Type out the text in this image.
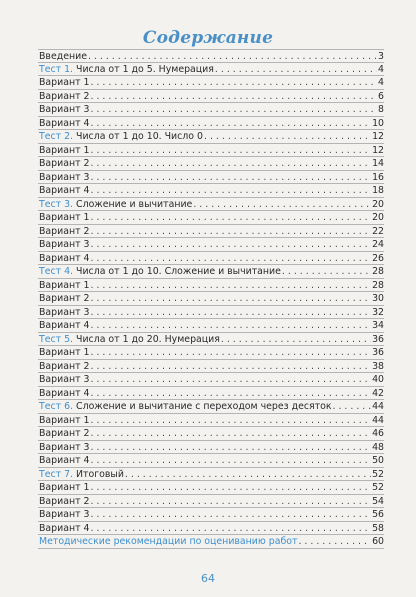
Содержание
Введение . . .	3
Тест 1. Числа от 1 до 5. Нумерация . . .	4
Вариант 1 . . .	4
Вариант 2 . . .	6
Вариант 3 . . .	8
Вариант 4 . . .	10
Тест 2. Числа от 1 до 10. Число 0 . . .	12
Вариант 1 . . .	12
Вариант 2 . . .	14
Вариант 3 . . .	16
Вариант 4 . . .	18
Тест 3. Сложение и вычитание . . .	20
Вариант 1 . . .	20
Вариант 2 . . .	22
Вариант 3 . . .	24
Вариант 4 . . .	26
Тест 4. Числа от 1 до 10. Сложение и вычитание . . .	28
Вариант 1 . . .	28
Вариант 2 . . .	30
Вариант 3 . . .	32
Вариант 4 . . .	34
Тест 5. Числа от 1 до 20. Нумерация . . .	36
Вариант 1 . . .	36
Вариант 2 . . .	38
Вариант 3 . . .	40
Вариант 4 . . .	42
Тест 6. Сложение и вычитание с переходом через десяток . . .	44
Вариант 1 . . .	44
Вариант 2 . . .	46
Вариант 3 . . .	48
Вариант 4 . . .	50
Тест 7. Итоговый . . .	52
Вариант 1 . . .	52
Вариант 2 . . .	54
Вариант 3 . . .	56
Вариант 4 . . .	58
Методические рекомендации по оцениванию работ . . .	60
64
